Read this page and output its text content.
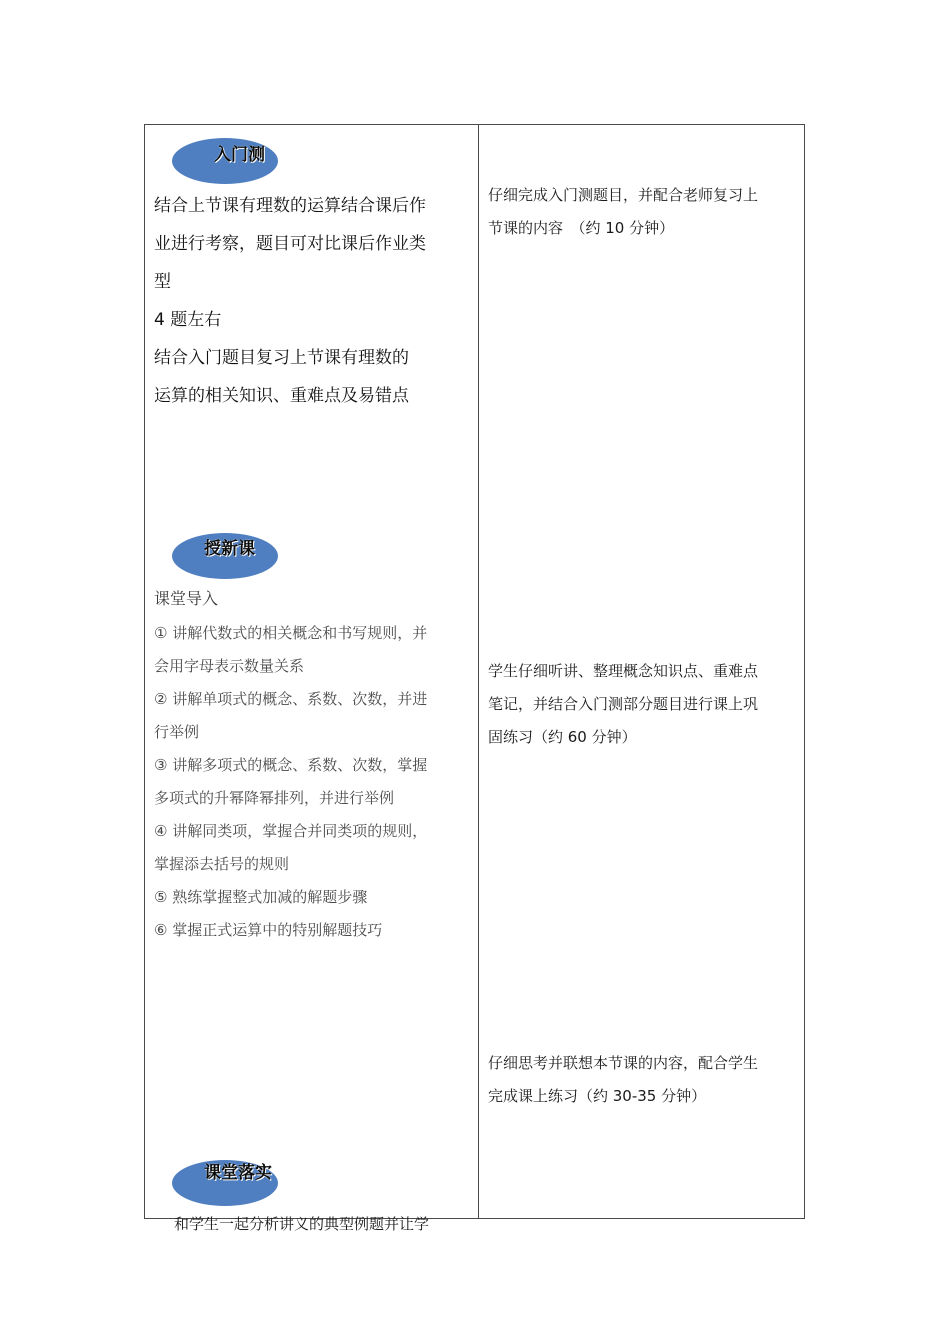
入门测
结合上节课有理数的运算结合课后作
业进行考察，题目可对比课后作业类
型
4 题左右
结合入门题目复习上节课有理数的
运算的相关知识、重难点及易错点
仔细完成入门测题目，并配合老师复习上
节课的内容　（约 10 分钟）
授新课
课堂导入
① 讲解代数式的相关概念和书写规则，并
会用字母表示数量关系
② 讲解单项式的概念、系数、次数，并进
行举例
③ 讲解多项式的概念、系数、次数，掌握
多项式的升幂降幂排列，并进行举例
④ 讲解同类项，掌握合并同类项的规则，
掌握添去括号的规则
⑤ 熟练掌握整式加减的解题步骤
⑥ 掌握正式运算中的特别解题技巧
学生仔细听讲、整理概念知识点、重难点
笔记，并结合入门测部分题目进行课上巩
固练习（约 60 分钟）
仔细思考并联想本节课的内容，配合学生
完成课上练习（约 30-35 分钟）
课堂落实
和学生一起分析讲义的典型例题并让学
